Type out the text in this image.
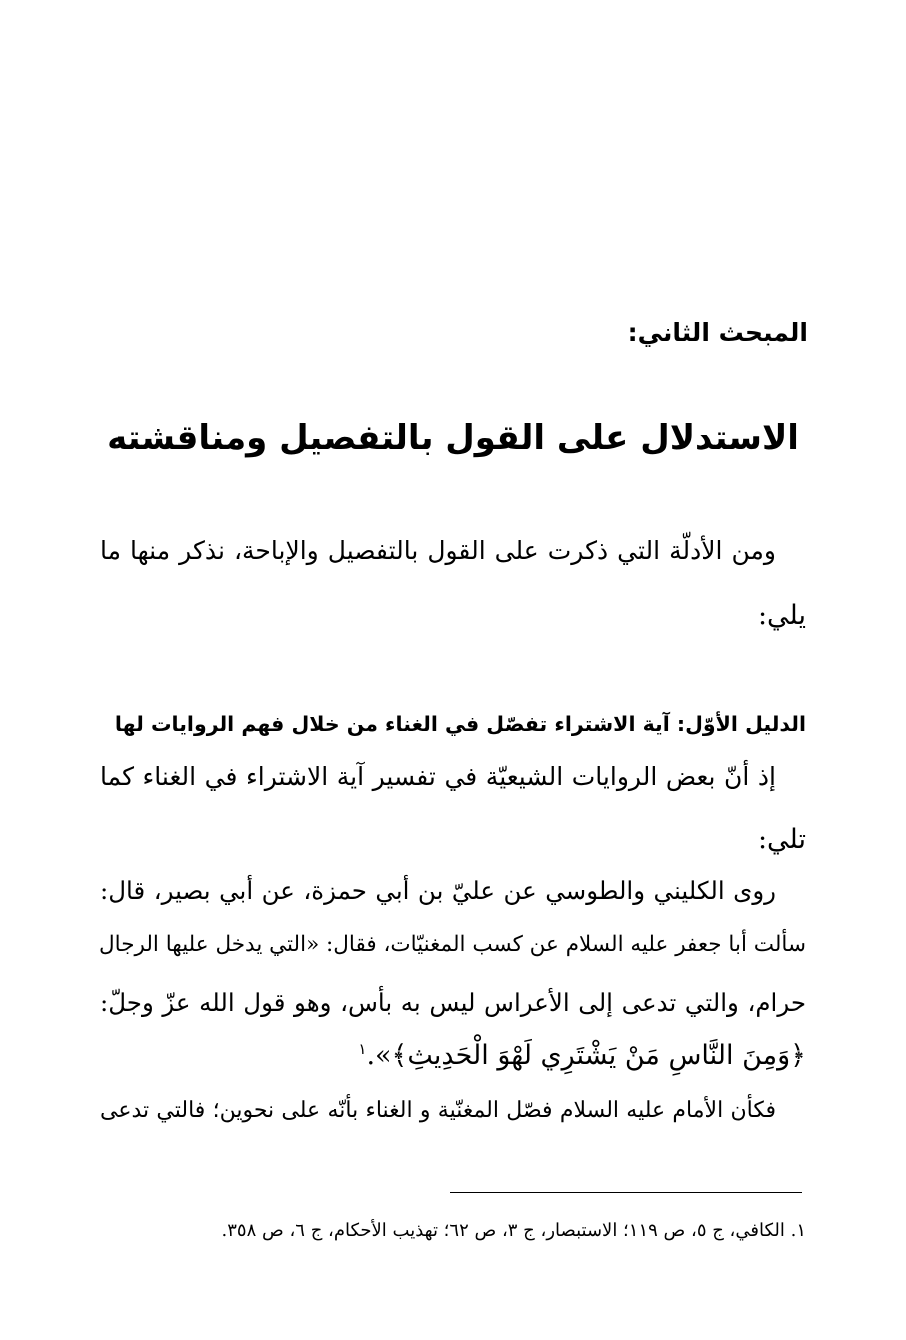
المبحث الثاني:
الاستدلال على القول بالتفصيل ومناقشته
ومن الأدلّة التي ذكرت على القول بالتفصيل والإباحة، نذكر منها ما
يلي:
الدليل الأوّل: آية الاشتراء تفصّل في الغناء من خلال فهم الروايات لها
إذ أنّ بعض الروايات الشيعيّة في تفسير آية الاشتراء في الغناء كما
تلي:
روى الكليني والطوسي عن عليّ بن أبي حمزة، عن أبي بصير، قال:
سألت أبا جعفر عليه السلام عن كسب المغنيّات، فقال: «التي يدخل عليها الرجال
حرام، والتي تدعى إلى الأعراس ليس به بأس، وهو قول الله عزّ وجلّ:
﴿وَمِنَ النَّاسِ مَنْ يَشْتَرِي لَهْوَ الْحَدِيثِ﴾».$^١$
فكأن الأمام عليه السلام فصّل المغنّية و الغناء بأنّه على نحوين؛ فالتي تدعى
١. الكافي، ج ٥، ص ١١٩؛ الاستبصار، ج ٣، ص ٦٢؛ تهذيب الأحكام، ج ٦، ص ٣٥٨.
